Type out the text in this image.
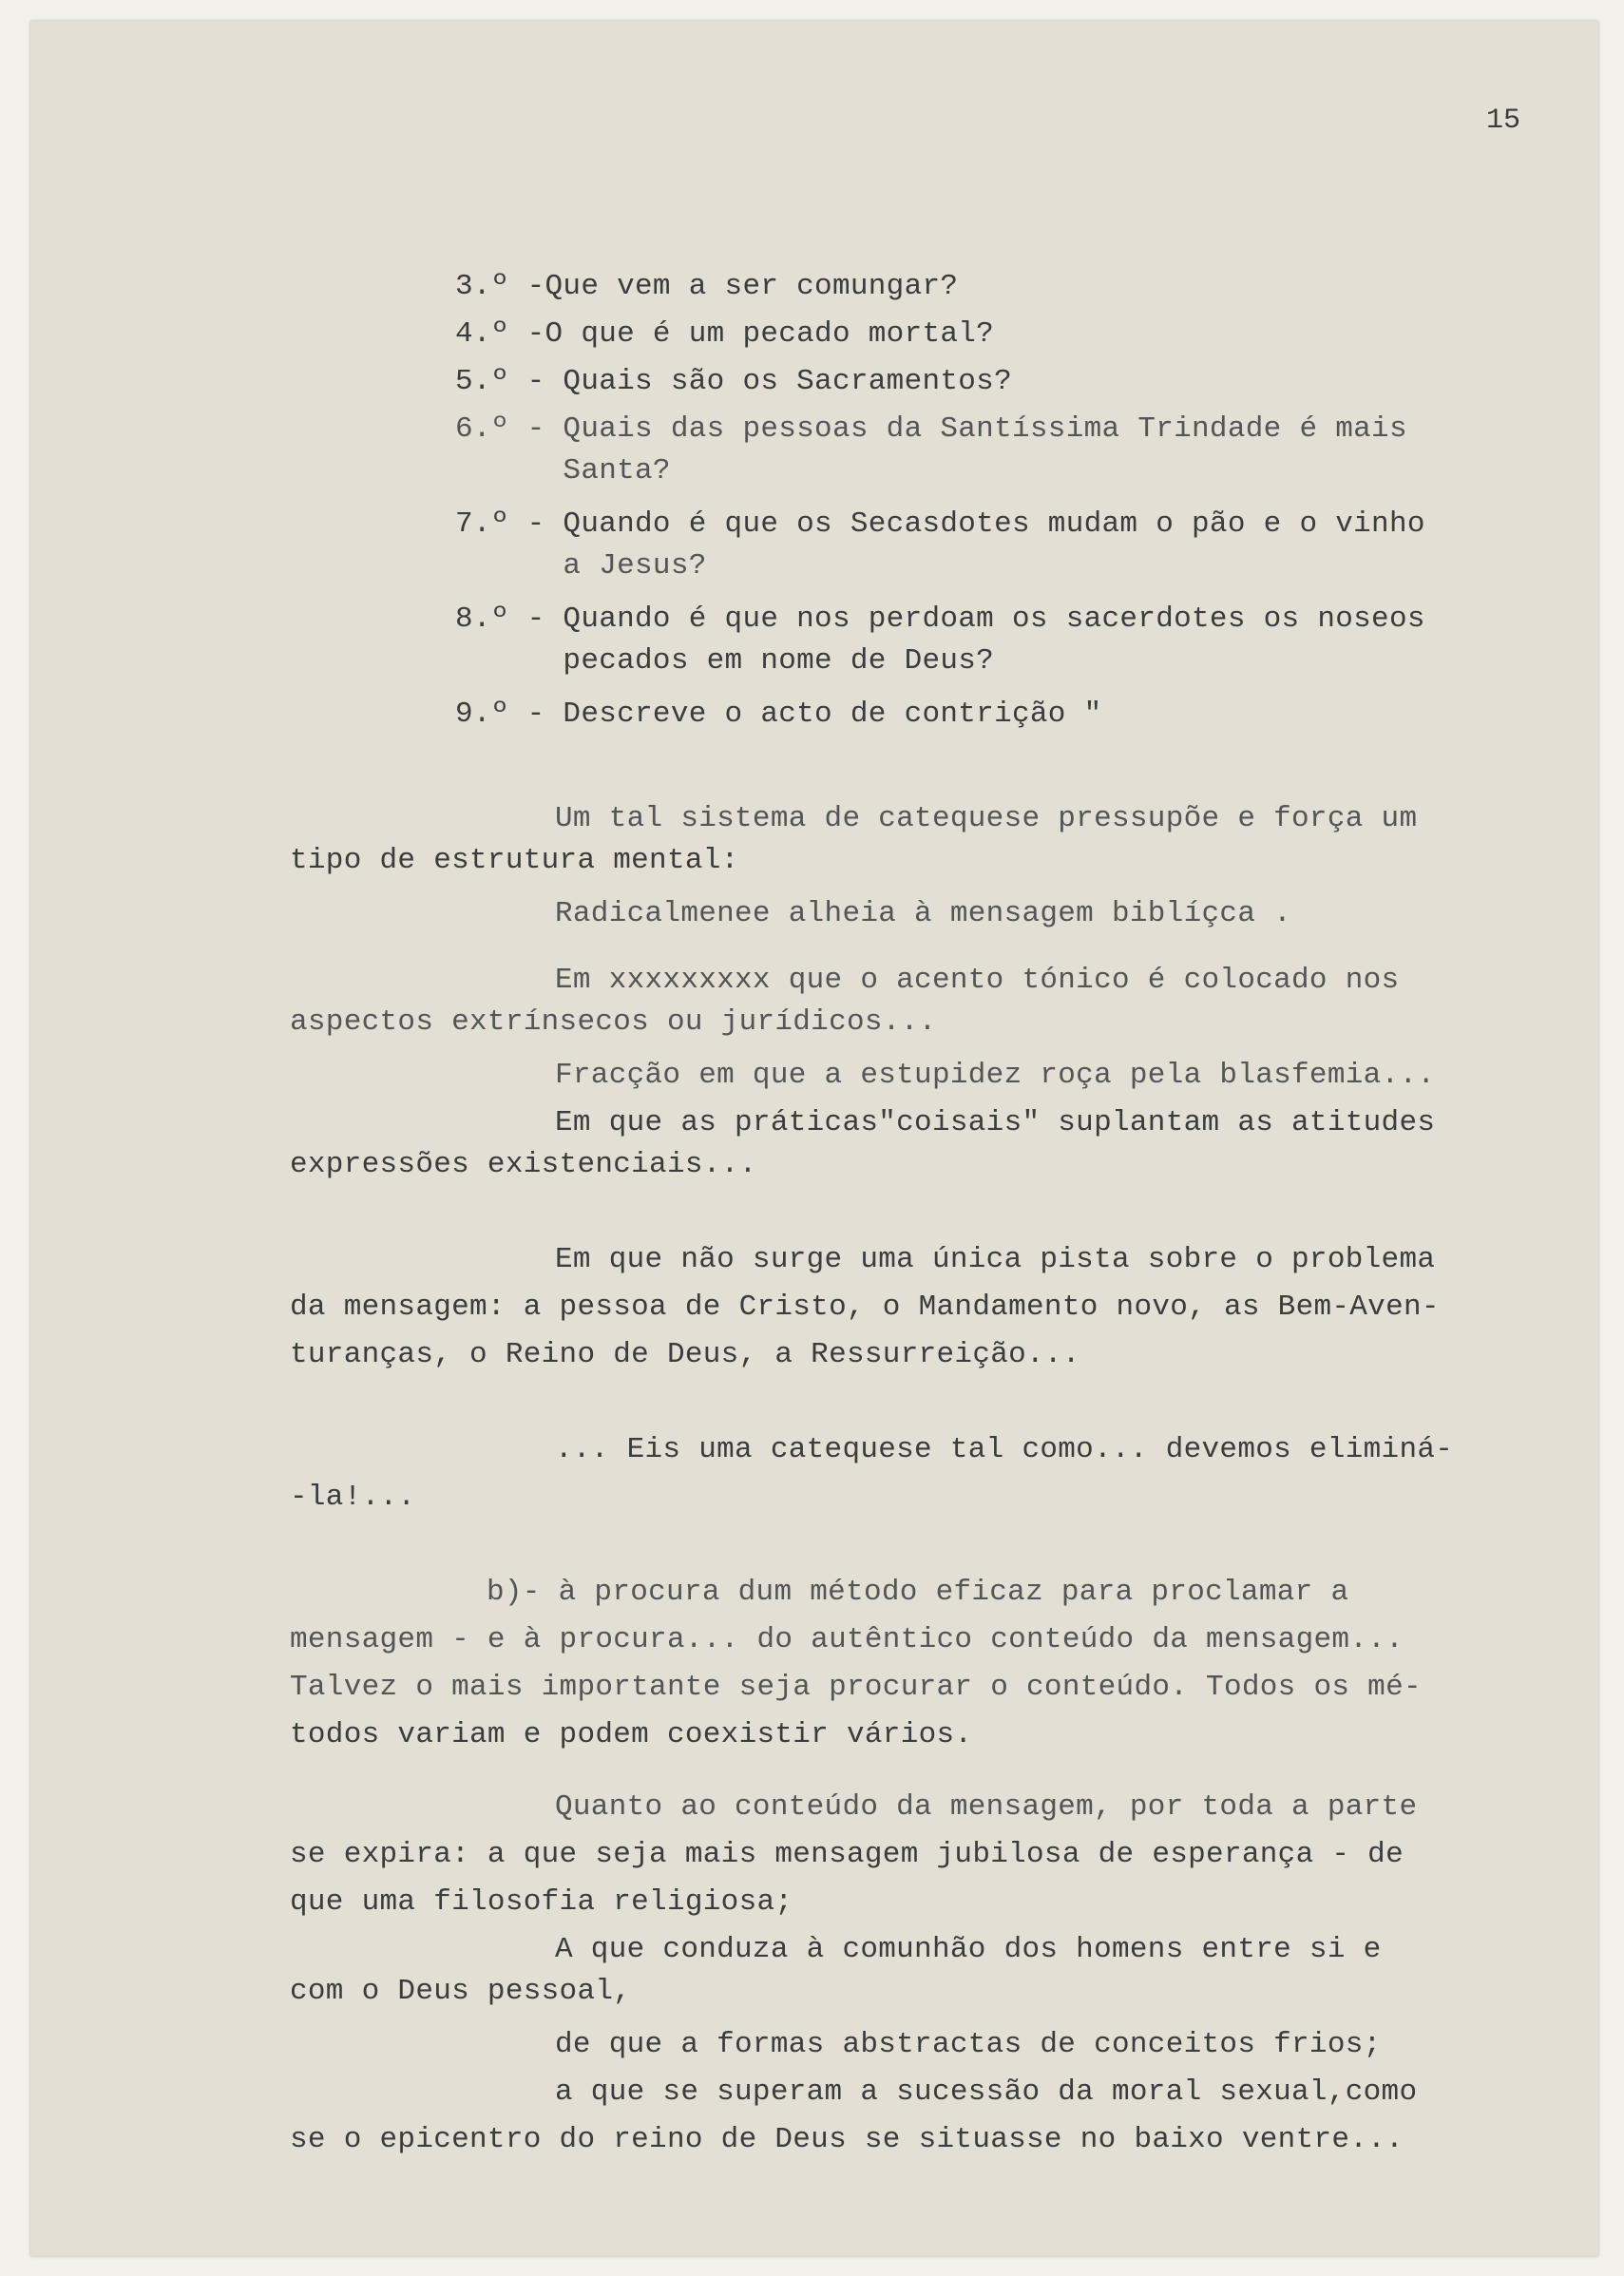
15
3.º -Que vem a ser comungar?
4.º -O que é um pecado mortal?
5.º - Quais são os Sacramentos?
6.º - Quais das pessoas da Santíssima Trindade é mais
Santa?
7.º - Quando é que os Secasdotes mudam o pão e o vinho
a Jesus?
8.º - Quando é que nos perdoam os sacerdotes os noseos
pecados em nome de Deus?
9.º - Descreve o acto de contrição "
Um tal sistema de catequese pressupõe e força um
tipo de estrutura mental:
Radicalmenee alheia à mensagem biblíçca .
Em xxxxxxxxx que o acento tónico é colocado nos
aspectos extrínsecos ou jurídicos...
Fracção em que a estupidez roça pela blasfemia...
Em que as práticas"coisais" suplantam as atitudes
expressões existenciais...
Em que não surge uma única pista sobre o problema
da mensagem: a pessoa de Cristo, o Mandamento novo, as Bem-Aven-
turanças, o Reino de Deus, a Ressurreição...
... Eis uma catequese tal como... devemos eliminá-
-la!...
b)- à procura dum método eficaz para proclamar a
mensagem - e à procura... do autêntico conteúdo da mensagem...
Talvez o mais importante seja procurar o conteúdo. Todos os mé-
todos variam e podem coexistir vários.
Quanto ao conteúdo da mensagem, por toda a parte
se expira: a que seja mais mensagem jubilosa de esperança - de
que uma filosofia religiosa;
A que conduza à comunhão dos homens entre si e
com o Deus pessoal,
de que a formas abstractas de conceitos frios;
a que se superam a sucessão da moral sexual,como
se o epicentro do reino de Deus se situasse no baixo ventre...
